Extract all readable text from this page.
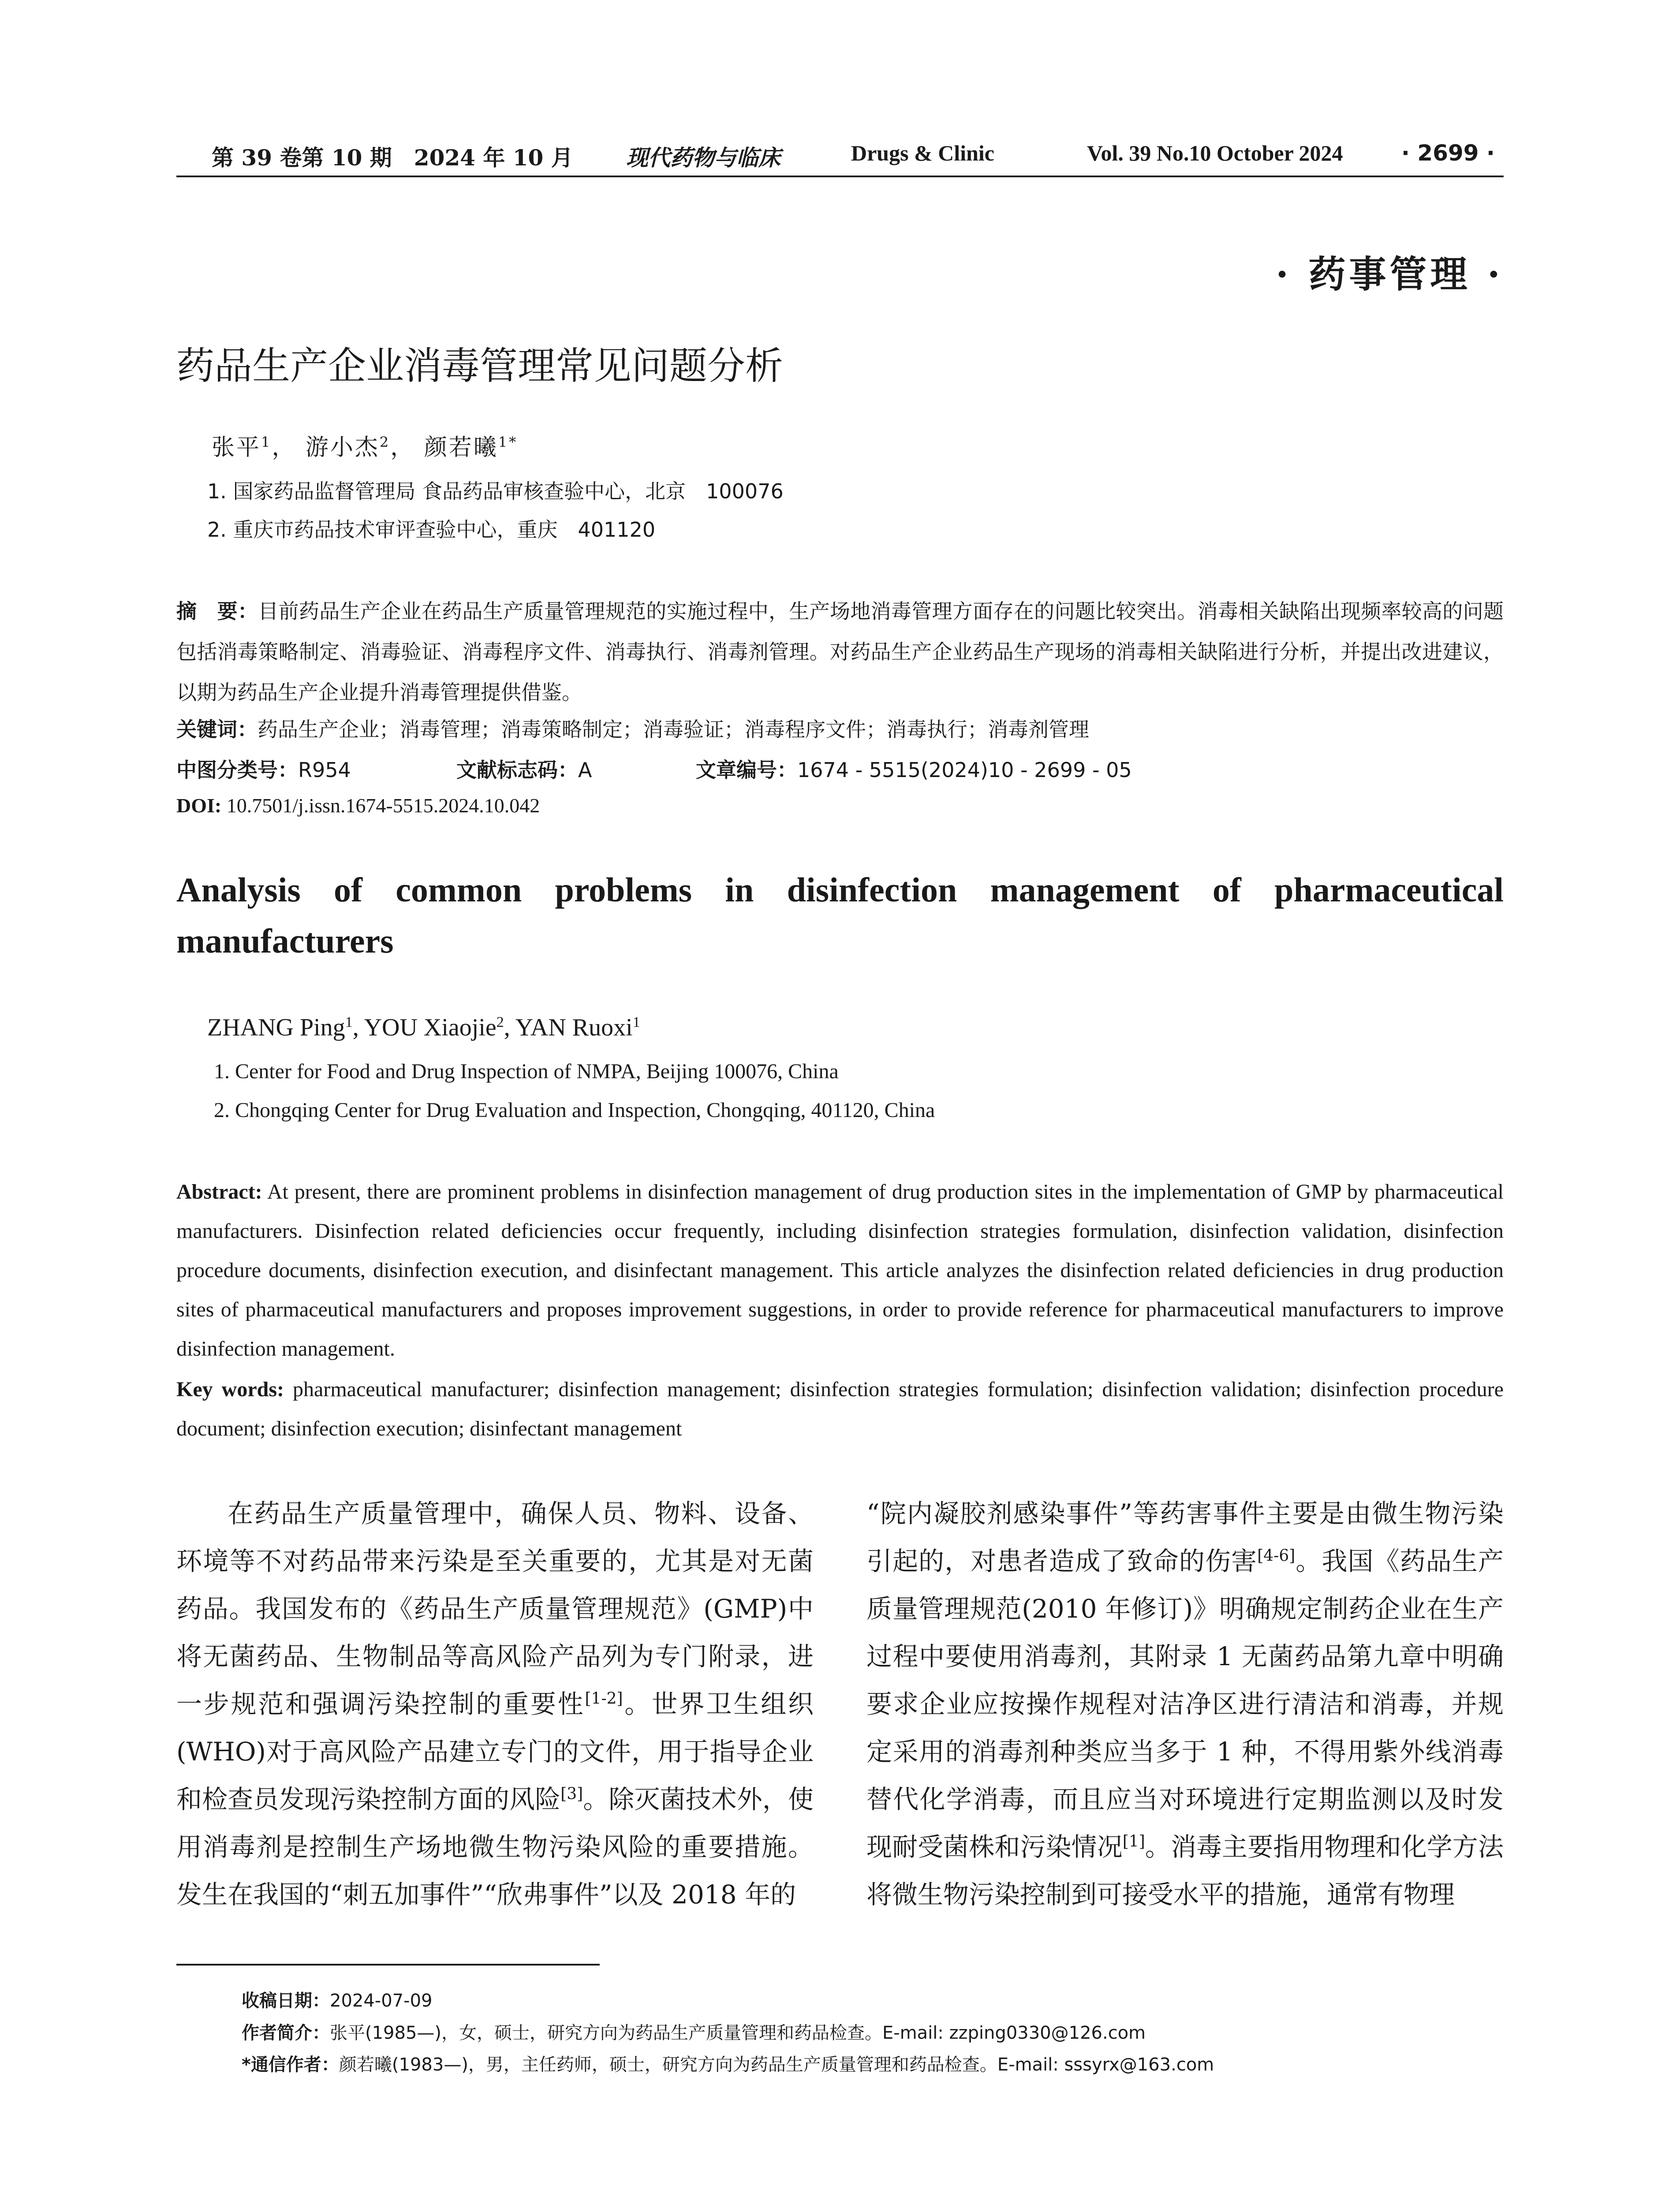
第 39 卷第 10 期　2024 年 10 月 现代药物与临床	Drugs & Clinic	Vol. 39 No.10 October 2024	· 2699 ·
· 药事管理 ·
药品生产企业消毒管理常见问题分析
张平$^1$， 游小杰$^2$， 颜若曦$^{1*}$
1. 国家药品监督管理局 食品药品审核查验中心，北京　100076
2. 重庆市药品技术审评查验中心，重庆　401120
摘　要：目前药品生产企业在药品生产质量管理规范的实施过程中，生产场地消毒管理方面存在的问题比较突出。消毒相关缺陷出现频率较高的问题包括消毒策略制定、消毒验证、消毒程序文件、消毒执行、消毒剂管理。对药品生产企业药品生产现场的消毒相关缺陷进行分析，并提出改进建议，以期为药品生产企业提升消毒管理提供借鉴。
关键词：药品生产企业；消毒管理；消毒策略制定；消毒验证；消毒程序文件；消毒执行；消毒剂管理
中图分类号：R954	文献标志码：A	文章编号：1674 - 5515(2024)10 - 2699 - 05
DOI: 10.7501/j.issn.1674-5515.2024.10.042
Analysis of common problems in disinfection management of pharmaceutical manufacturers
ZHANG Ping$^1$, YOU Xiaojie$^2$, YAN Ruoxi$^1$
1. Center for Food and Drug Inspection of NMPA, Beijing 100076, China
2. Chongqing Center for Drug Evaluation and Inspection, Chongqing, 401120, China
Abstract: At present, there are prominent problems in disinfection management of drug production sites in the implementation of GMP by pharmaceutical manufacturers. Disinfection related deficiencies occur frequently, including disinfection strategies formulation, disinfection validation, disinfection procedure documents, disinfection execution, and disinfectant management. This article analyzes the disinfection related deficiencies in drug production sites of pharmaceutical manufacturers and proposes improvement suggestions, in order to provide reference for pharmaceutical manufacturers to improve disinfection management.
Key words: pharmaceutical manufacturer; disinfection management; disinfection strategies formulation; disinfection validation; disinfection procedure document; disinfection execution; disinfectant management
在药品生产质量管理中，确保人员、物料、设备、环境等不对药品带来污染是至关重要的，尤其是对无菌药品。我国发布的《药品生产质量管理规范》(GMP)中将无菌药品、生物制品等高风险产品列为专门附录，进一步规范和强调污染控制的重要性[1-2]。世界卫生组织(WHO)对于高风险产品建立专门的文件，用于指导企业和检查员发现污染控制方面的风险[3]。除灭菌技术外，使用消毒剂是控制生产场地微生物污染风险的重要措施。发生在我国的“刺五加事件”“欣弗事件”以及 2018 年的
“院内凝胶剂感染事件”等药害事件主要是由微生物污染引起的，对患者造成了致命的伤害[4-6]。我国《药品生产质量管理规范(2010 年修订)》明确规定制药企业在生产过程中要使用消毒剂，其附录 1 无菌药品第九章中明确要求企业应按操作规程对洁净区进行清洁和消毒，并规定采用的消毒剂种类应当多于 1 种，不得用紫外线消毒替代化学消毒，而且应当对环境进行定期监测以及时发现耐受菌株和污染情况[1]。消毒主要指用物理和化学方法将微生物污染控制到可接受水平的措施，通常有物理
收稿日期：2024-07-09
作者简介：张平(1985—)，女，硕士，研究方向为药品生产质量管理和药品检查。E-mail: zzping0330@126.com
*通信作者：颜若曦(1983—)，男，主任药师，硕士，研究方向为药品生产质量管理和药品检查。E-mail: sssyrx@163.com
